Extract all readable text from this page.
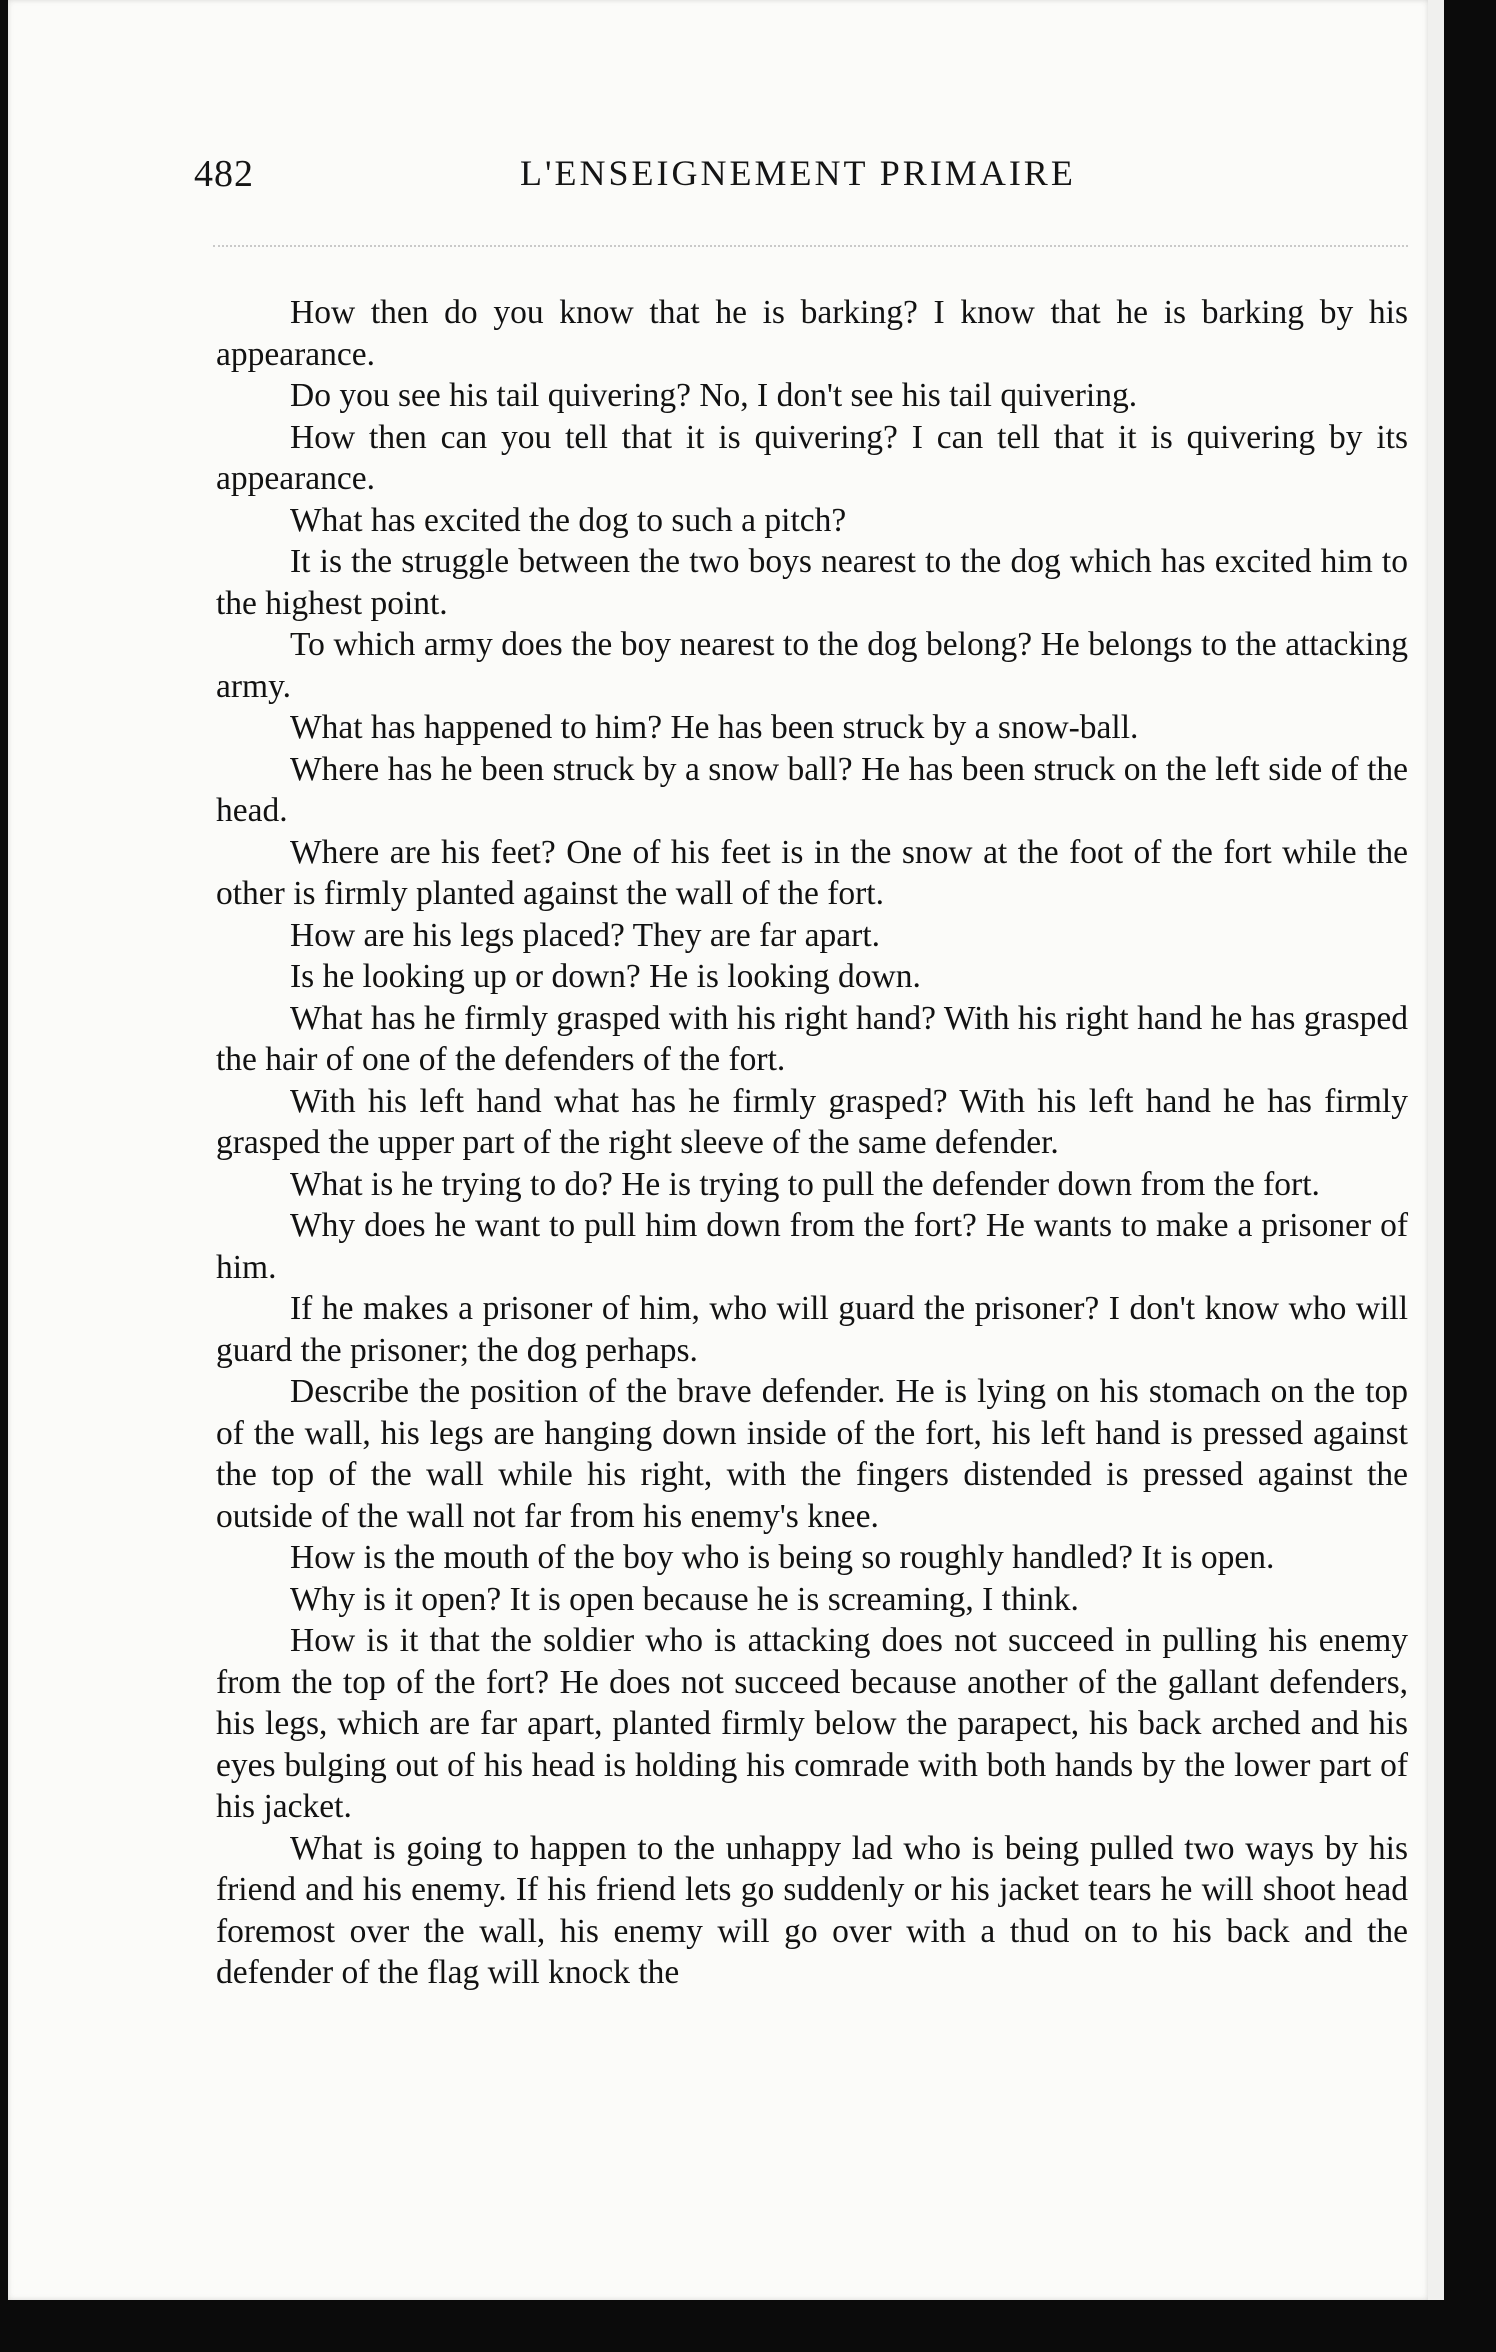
482	L'ENSEIGNEMENT PRIMAIRE

How then do you know that he is barking? I know that he is barking by his appearance.

Do you see his tail quivering? No, I don't see his tail quivering.

How then can you tell that it is quivering? I can tell that it is quivering by its appearance.

What has excited the dog to such a pitch?

It is the struggle between the two boys nearest to the dog which has excited him to the highest point.

To which army does the boy nearest to the dog belong? He belongs to the attacking army.

What has happened to him? He has been struck by a snow-ball.

Where has he been struck by a snow ball? He has been struck on the left side of the head.

Where are his feet? One of his feet is in the snow at the foot of the fort while the other is firmly planted against the wall of the fort.

How are his legs placed? They are far apart.

Is he looking up or down? He is looking down.

What has he firmly grasped with his right hand? With his right hand he has grasped the hair of one of the defenders of the fort.

With his left hand what has he firmly grasped? With his left hand he has firmly grasped the upper part of the right sleeve of the same defender.

What is he trying to do? He is trying to pull the defender down from the fort.

Why does he want to pull him down from the fort? He wants to make a prisoner of him.

If he makes a prisoner of him, who will guard the prisoner? I don't know who will guard the prisoner; the dog perhaps.

Describe the position of the brave defender. He is lying on his stomach on the top of the wall, his legs are hanging down inside of the fort, his left hand is pressed against the top of the wall while his right, with the fingers distended is pressed against the outside of the wall not far from his enemy's knee.

How is the mouth of the boy who is being so roughly handled? It is open.

Why is it open? It is open because he is screaming, I think.

How is it that the soldier who is attacking does not succeed in pulling his enemy from the top of the fort? He does not succeed because another of the gallant defenders, his legs, which are far apart, planted firmly below the parapect, his back arched and his eyes bulging out of his head is holding his comrade with both hands by the lower part of his jacket.

What is going to happen to the unhappy lad who is being pulled two ways by his friend and his enemy. If his friend lets go suddenly or his jacket tears he will shoot head foremost over the wall, his enemy will go over with a thud on to his back and the defender of the flag will knock the
